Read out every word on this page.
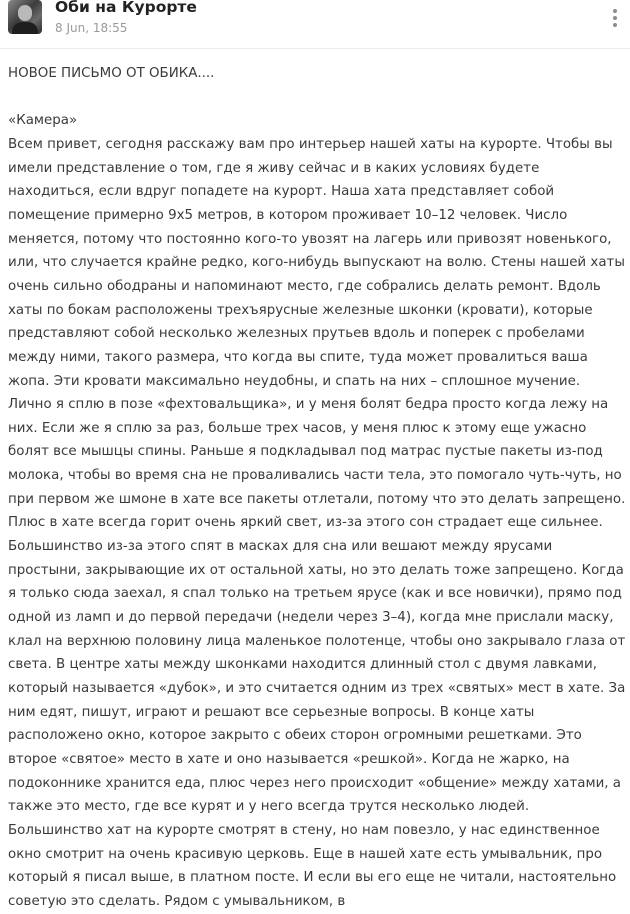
Оби на Курорте
8 Jun, 18:55

НОВОЕ ПИСЬМО ОТ ОБИКА....

«Камера»

Всем привет, сегодня расскажу вам про интерьер нашей хаты на курорте. Чтобы вы имели представление о том, где я живу сейчас и в каких условиях будете находиться, если вдруг попадете на курорт. Наша хата представляет собой помещение примерно 9х5 метров, в котором проживает 10–12 человек. Число меняется, потому что постоянно кого-то увозят на лагерь или привозят новенького, или, что случается крайне редко, кого-нибудь выпускают на волю. Стены нашей хаты очень сильно ободраны и напоминают место, где собрались делать ремонт. Вдоль хаты по бокам расположены трехъярусные железные шконки (кровати), которые представляют собой несколько железных прутьев вдоль и поперек с пробелами между ними, такого размера, что когда вы спите, туда может провалиться ваша жопа. Эти кровати максимально неудобны, и спать на них – сплошное мучение. Лично я сплю в позе «фехтовальщика», и у меня болят бедра просто когда лежу на них. Если же я сплю за раз, больше трех часов, у меня плюс к этому еще ужасно болят все мышцы спины. Раньше я подкладывал под матрас пустые пакеты из-под молока, чтобы во время сна не проваливались части тела, это помогало чуть-чуть, но при первом же шмоне в хате все пакеты отлетали, потому что это делать запрещено. Плюс в хате всегда горит очень яркий свет, из-за этого сон страдает еще сильнее. Большинство из-за этого спят в масках для сна или вешают между ярусами простыни, закрывающие их от остальной хаты, но это делать тоже запрещено. Когда я только сюда заехал, я спал только на третьем ярусе (как и все новички), прямо под одной из ламп и до первой передачи (недели через 3–4), когда мне прислали маску, клал на верхнюю половину лица маленькое полотенце, чтобы оно закрывало глаза от света. В центре хаты между шконками находится длинный стол с двумя лавками, который называется «дубок», и это считается одним из трех «святых» мест в хате. За ним едят, пишут, играют и решают все серьезные вопросы. В конце хаты расположено окно, которое закрыто с обеих сторон огромными решетками. Это второе «святое» место в хате и оно называется «решкой». Когда не жарко, на подоконнике хранится еда, плюс через него происходит «общение» между хатами, а также это место, где все курят и у него всегда трутся несколько людей. Большинство хат на курорте смотрят в стену, но нам повезло, у нас единственное окно смотрит на очень красивую церковь. Еще в нашей хате есть умывальник, про который я писал выше, в платном посте. И если вы его еще не читали, настоятельно советую это сделать. Рядом с умывальником, в
